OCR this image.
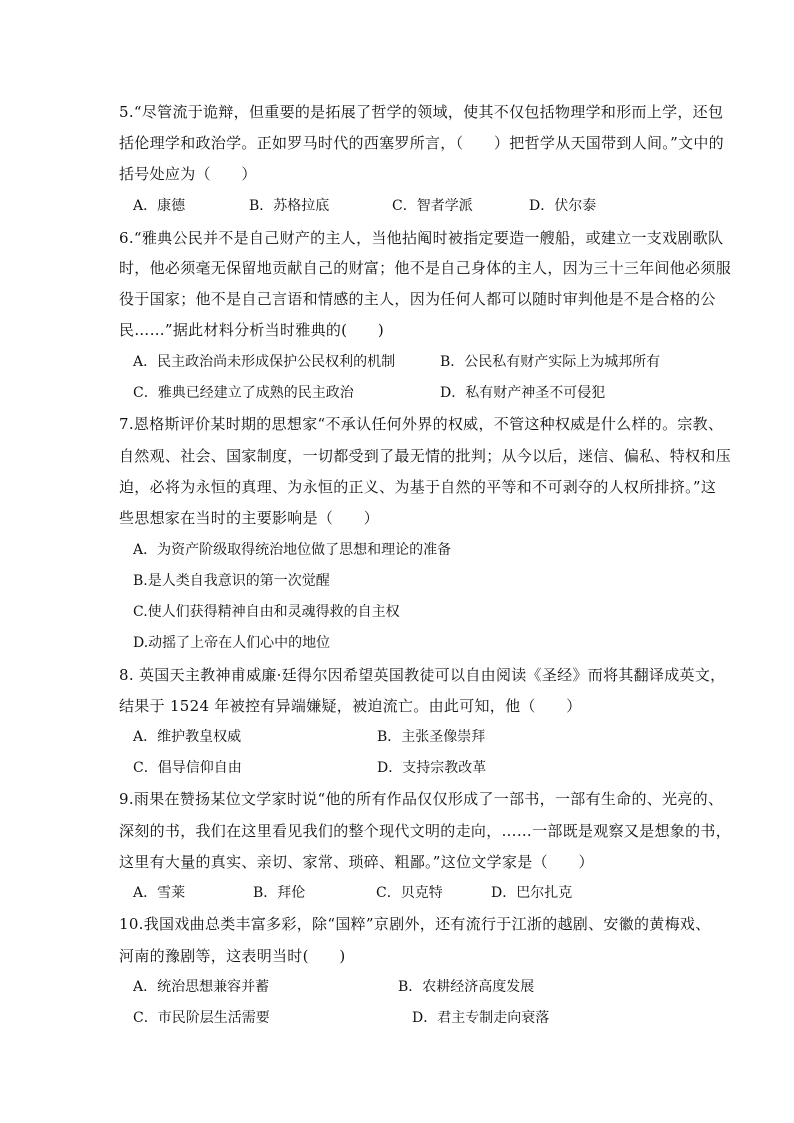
5.“尽管流于诡辩，但重要的是拓展了哲学的领域，使其不仅包括物理学和形而上学，还包
括伦理学和政治学。正如罗马时代的西塞罗所言，（　　）把哲学从天国带到人间。”文中的
括号处应为（　　）
A．康德	B．苏格拉底	C．智者学派	D．伏尔泰
6.“雅典公民并不是自己财产的主人，当他拈阄时被指定要造一艘船，或建立一支戏剧歌队
时，他必须毫无保留地贡献自己的财富；他不是自己身体的主人，因为三十三年间他必须服
役于国家；他不是自己言语和情感的主人，因为任何人都可以随时审判他是不是合格的公
民……”据此材料分析当时雅典的(　　)
A．民主政治尚未形成保护公民权利的机制	B．公民私有财产实际上为城邦所有
C．雅典已经建立了成熟的民主政治	D．私有财产神圣不可侵犯
7.恩格斯评价某时期的思想家“不承认任何外界的权威，不管这种权威是什么样的。宗教、
自然观、社会、国家制度，一切都受到了最无情的批判；从今以后，迷信、偏私、特权和压
迫，必将为永恒的真理、为永恒的正义、为基于自然的平等和不可剥夺的人权所排挤。”这
些思想家在当时的主要影响是（　　）
A．为资产阶级取得统治地位做了思想和理论的准备
B.是人类自我意识的第一次觉醒
C.使人们获得精神自由和灵魂得救的自主权
D.动摇了上帝在人们心中的地位
8. 英国天主教神甫威廉·廷得尔因希望英国教徒可以自由阅读《圣经》而将其翻译成英文，
结果于 1524 年被控有异端嫌疑，被迫流亡。由此可知，他（　　）
A．维护教皇权威	B．主张圣像崇拜
C．倡导信仰自由	D．支持宗教改革
9.雨果在赞扬某位文学家时说“他的所有作品仅仅形成了一部书，一部有生命的、光亮的、
深刻的书，我们在这里看见我们的整个现代文明的走向，……一部既是观察又是想象的书，
这里有大量的真实、亲切、家常、琐碎、粗鄙。”这位文学家是（　　）
A．雪莱	B．拜伦	C．贝克特	D．巴尔扎克
10.我国戏曲总类丰富多彩，除“国粹”京剧外，还有流行于江浙的越剧、安徽的黄梅戏、
河南的豫剧等，这表明当时(　　)
A．统治思想兼容并蓄	B．农耕经济高度发展
C．市民阶层生活需要	D．君主专制走向衰落
